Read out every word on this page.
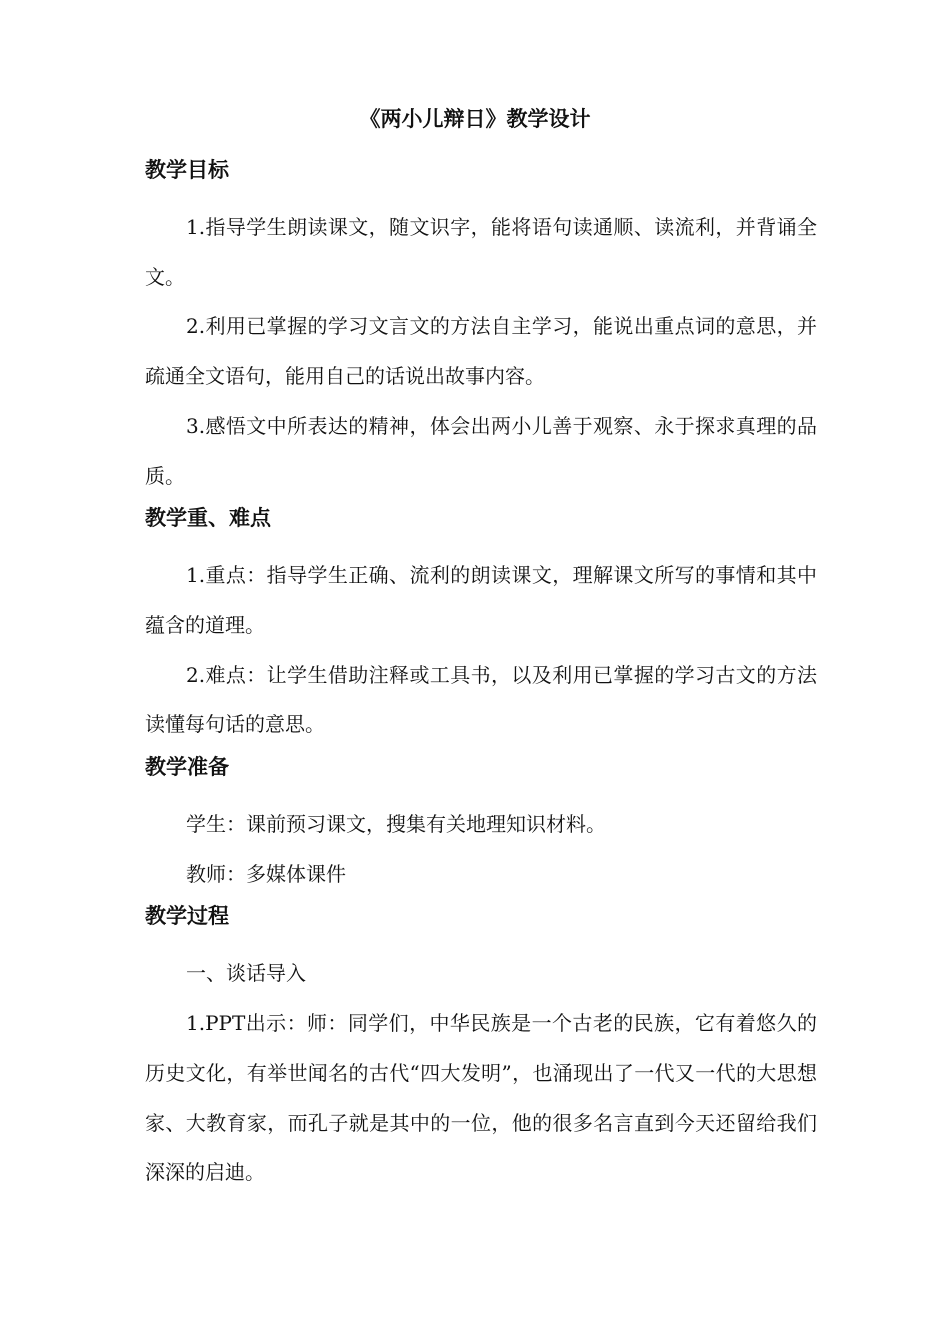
《两小儿辩日》教学设计
教学目标

1.指导学生朗读课文，随文识字，能将语句读通顺、读流利，并背诵全文。

2.利用已掌握的学习文言文的方法自主学习，能说出重点词的意思，并疏通全文语句，能用自己的话说出故事内容。

3.感悟文中所表达的精神，体会出两小儿善于观察、永于探求真理的品质。

教学重、难点

1.重点：指导学生正确、流利的朗读课文，理解课文所写的事情和其中蕴含的道理。

2.难点：让学生借助注释或工具书，以及利用已掌握的学习古文的方法读懂每句话的意思。

教学准备

学生：课前预习课文，搜集有关地理知识材料。

教师：多媒体课件

教学过程

一、谈话导入

1.PPT出示：师：同学们，中华民族是一个古老的民族，它有着悠久的历史文化，有举世闻名的古代“四大发明”，也涌现出了一代又一代的大思想家、大教育家，而孔子就是其中的一位，他的很多名言直到今天还留给我们深深的启迪。
